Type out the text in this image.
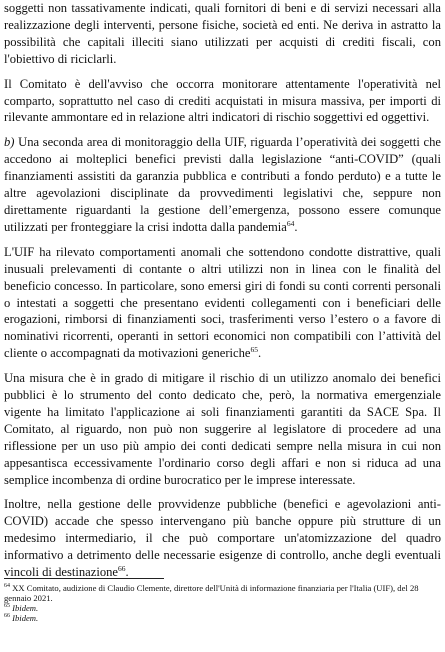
soggetti non tassativamente indicati, quali fornitori di beni e di servizi necessari alla realizzazione degli interventi, persone fisiche, società ed enti. Ne deriva in astratto la possibilità che capitali illeciti siano utilizzati per acquisti di crediti fiscali, con l'obiettivo di riciclarli.

Il Comitato è dell'avviso che occorra monitorare attentamente l'operatività nel comparto, soprattutto nel caso di crediti acquistati in misura massiva, per importi di rilevante ammontare ed in relazione altri indicatori di rischio soggettivi ed oggettivi.

b) Una seconda area di monitoraggio della UIF, riguarda l’operatività dei soggetti che accedono ai molteplici benefici previsti dalla legislazione “anti-COVID” (quali finanziamenti assistiti da garanzia pubblica e contributi a fondo perduto) e a tutte le altre agevolazioni disciplinate da provvedimenti legislativi che, seppure non direttamente riguardanti la gestione dell’emergenza, possono essere comunque utilizzati per fronteggiare la crisi indotta dalla pandemia$^{64}$.

L'UIF ha rilevato comportamenti anomali che sottendono condotte distrattive, quali inusuali prelevamenti di contante o altri utilizzi non in linea con le finalità del beneficio concesso. In particolare, sono emersi giri di fondi su conti correnti personali o intestati a soggetti che presentano evidenti collegamenti con i beneficiari delle erogazioni, rimborsi di finanziamenti soci, trasferimenti verso l’estero o a favore di nominativi ricorrenti, operanti in settori economici non compatibili con l’attività del cliente o accompagnati da motivazioni generiche$^{65}$.

Una misura che è in grado di mitigare il rischio di un utilizzo anomalo dei benefici pubblici è lo strumento del conto dedicato che, però, la normativa emergenziale vigente ha limitato l'applicazione ai soli finanziamenti garantiti da SACE Spa. Il Comitato, al riguardo, non può non suggerire al legislatore di procedere ad una riflessione per un uso più ampio dei conti dedicati sempre nella misura in cui non appesantisca eccessivamente l'ordinario corso degli affari e non si riduca ad una semplice incombenza di ordine burocratico per le imprese interessate.

Inoltre, nella gestione delle provvidenze pubbliche (benefici e agevolazioni anti-COVID) accade che spesso intervengano più banche oppure più strutture di un medesimo intermediario, il che può comportare un'atomizzazione del quadro informativo a detrimento delle necessarie esigenze di controllo, anche degli eventuali vincoli di destinazione$^{66}$.

$^{64}$ XX Comitato, audizione di Claudio Clemente, direttore dell'Unità di informazione finanziaria per l'Italia (UIF), del 28 gennaio 2021.

$^{65}$ Ibidem.

$^{66}$ Ibidem.
